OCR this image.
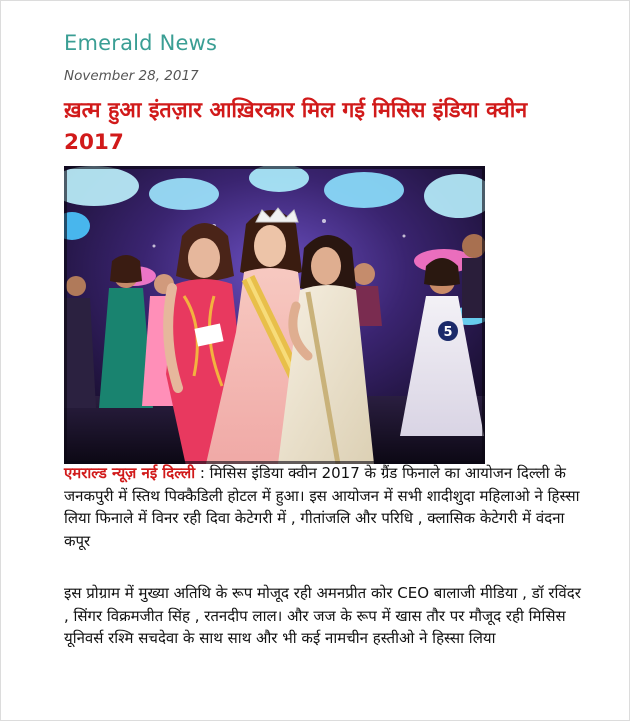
Emerald News
November 28, 2017
ख़त्म हुआ इंतज़ार आख़िरकार मिल गई मिसिस इंडिया क्वीन 2017
5

एमराल्ड न्यूज़ नई दिल्ली : मिसिस इंडिया क्वीन 2017 के ग्रैंड फिनाले का आयोजन दिल्ली के जनकपुरी में स्तिथ पिक्कैडिली होटल में हुआ। इस आयोजन में सभी शादीशुदा महिलाओ ने हिस्सा लिया फिनाले में विनर रही दिवा केटेगरी में , गीतांजलि और परिधि , क्लासिक केटेगरी में वंदना कपूर

इस प्रोग्राम में मुख्या अतिथि के रूप मोजूद रही अमनप्रीत कोर CEO बालाजी मीडिया , डॉ रविंदर , सिंगर विक्रमजीत सिंह , रतनदीप लाल। और जज के रूप में खास तौर पर मौजूद रही मिसिस यूनिवर्स रश्मि सचदेवा के साथ साथ और भी कई नामचीन हस्तीओ ने हिस्सा लिया
